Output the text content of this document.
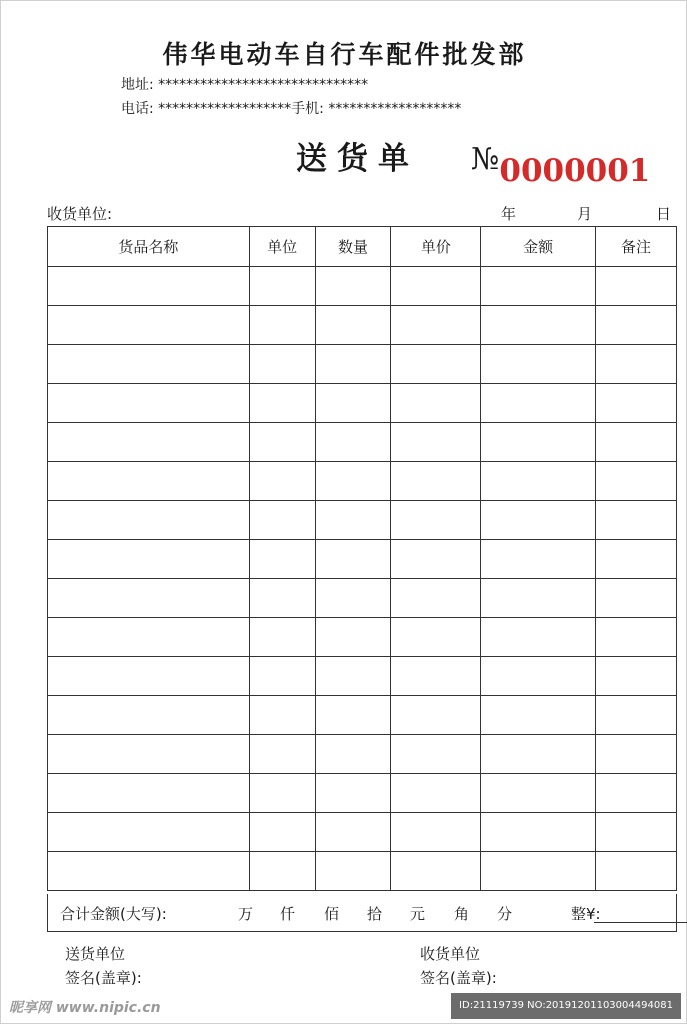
伟华电动车自行车配件批发部
地址: ******************************
电话: *******************手机: *******************
送货单 №0000001
收货单位:	年	月	日
货品名称	单位	数量	单价	金额	备注

合计金额(大写):	万 仟 佰 拾 元 角 分	整¥:
送货单位
签名(盖章):
收货单位
签名(盖章):
昵享网 www.nipic.cn	ID:21119739 NO:20191201103004494081
